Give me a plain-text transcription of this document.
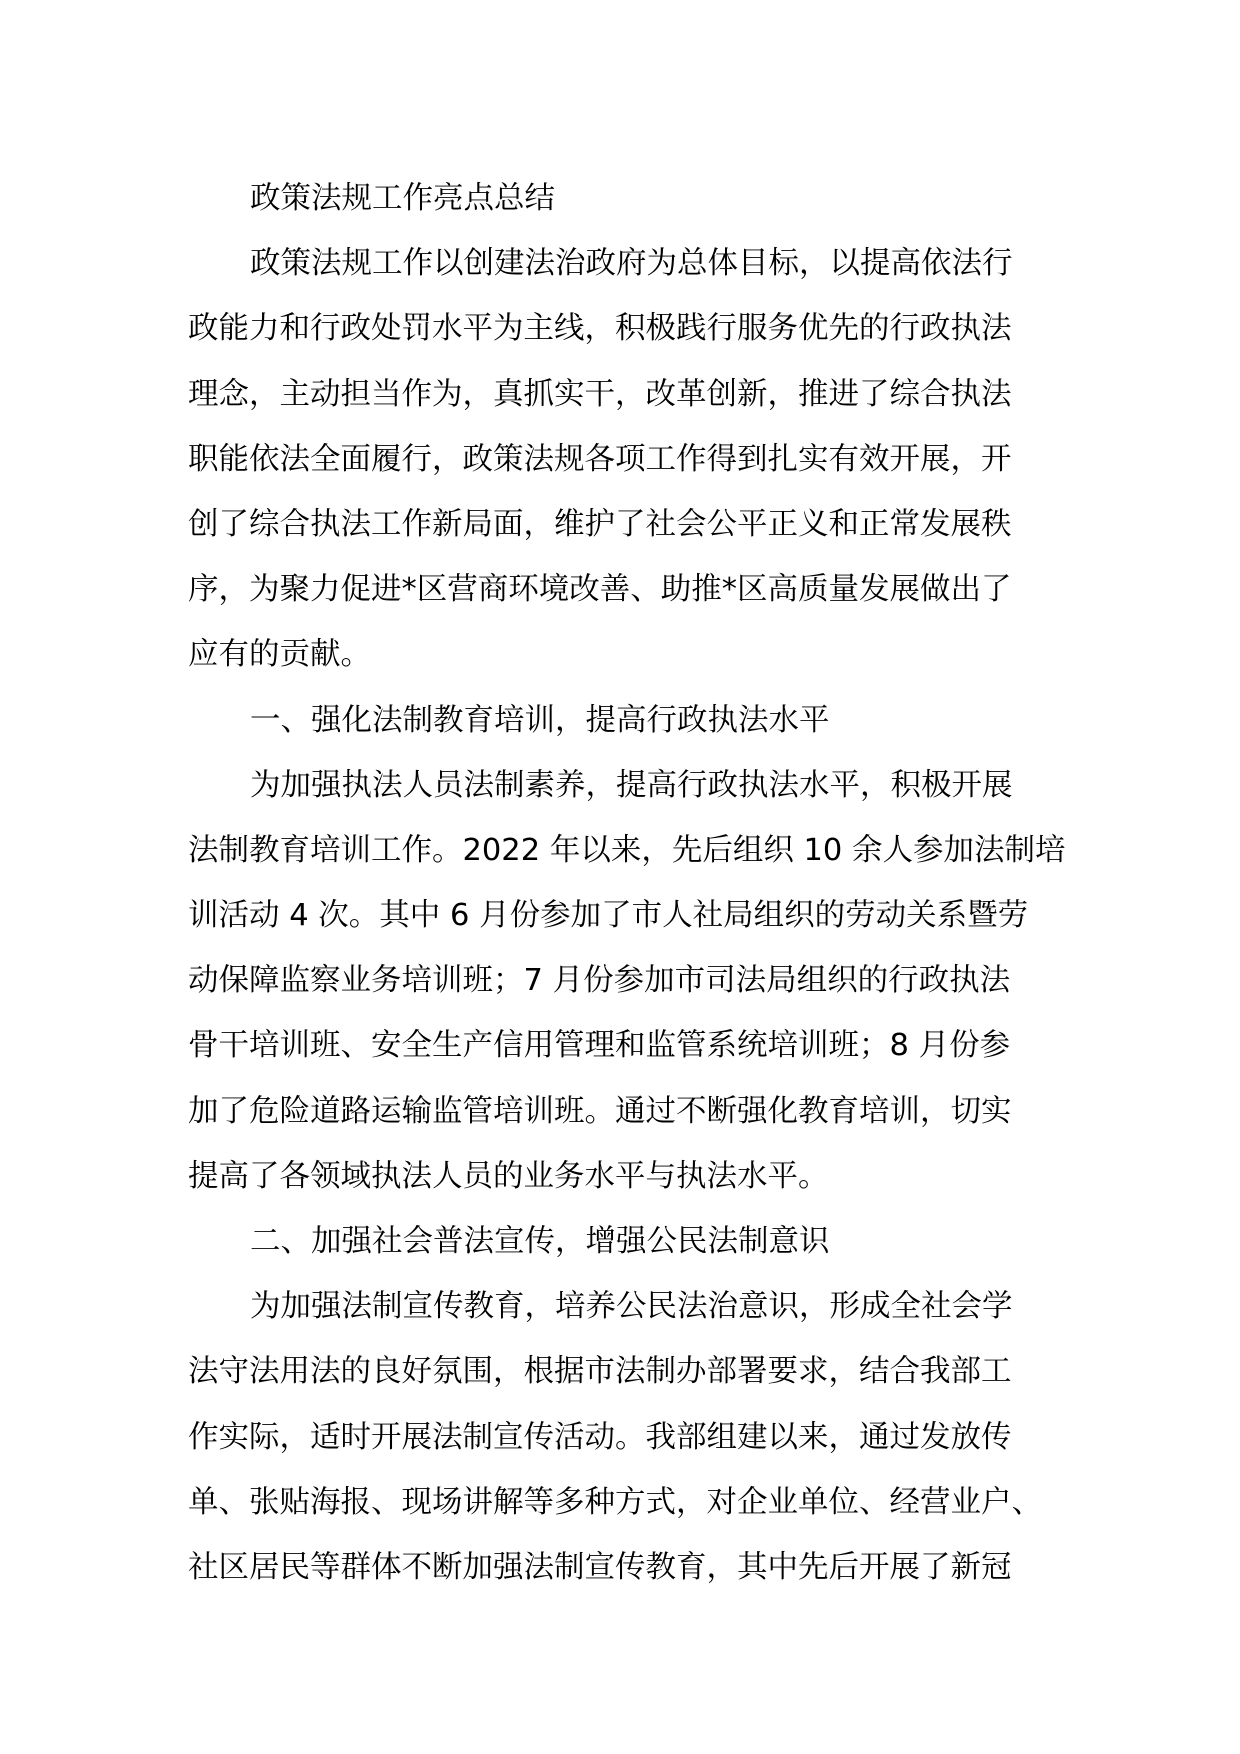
政策法规工作亮点总结
政策法规工作以创建法治政府为总体目标，以提高依法行
政能力和行政处罚水平为主线，积极践行服务优先的行政执法
理念，主动担当作为，真抓实干，改革创新，推进了综合执法
职能依法全面履行，政策法规各项工作得到扎实有效开展，开
创了综合执法工作新局面，维护了社会公平正义和正常发展秩
序，为聚力促进*区营商环境改善、助推*区高质量发展做出了
应有的贡献。
一、强化法制教育培训，提高行政执法水平
为加强执法人员法制素养，提高行政执法水平，积极开展
法制教育培训工作。2022 年以来，先后组织 10 余人参加法制培
训活动 4 次。其中 6 月份参加了市人社局组织的劳动关系暨劳
动保障监察业务培训班；7 月份参加市司法局组织的行政执法
骨干培训班、安全生产信用管理和监管系统培训班；8 月份参
加了危险道路运输监管培训班。通过不断强化教育培训，切实
提高了各领域执法人员的业务水平与执法水平。
二、加强社会普法宣传，增强公民法制意识
为加强法制宣传教育，培养公民法治意识，形成全社会学
法守法用法的良好氛围，根据市法制办部署要求，结合我部工
作实际，适时开展法制宣传活动。我部组建以来，通过发放传
单、张贴海报、现场讲解等多种方式，对企业单位、经营业户、
社区居民等群体不断加强法制宣传教育，其中先后开展了新冠
